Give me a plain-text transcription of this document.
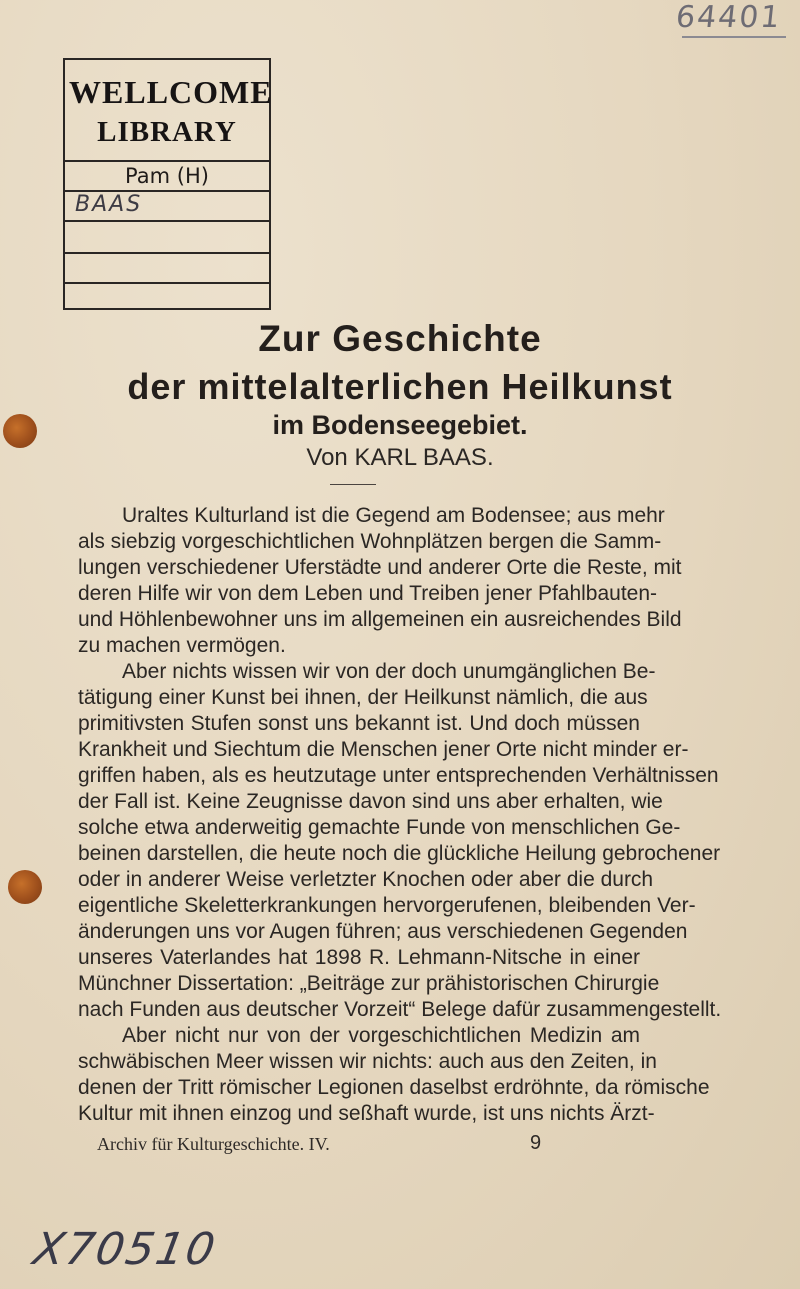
64401
WELLCOME
LIBRARY
Pam (H)
BAAS
Zur Geschichte
der mittelalterlichen Heilkunst
im Bodenseegebiet.
Von KARL BAAS.
Uraltes Kulturland ist die Gegend am Bodensee; aus mehr
als siebzig vorgeschichtlichen Wohnplätzen bergen die Samm-
lungen verschiedener Uferstädte und anderer Orte die Reste, mit
deren Hilfe wir von dem Leben und Treiben jener Pfahlbauten-
und Höhlenbewohner uns im allgemeinen ein ausreichendes Bild
zu machen vermögen.
Aber nichts wissen wir von der doch unumgänglichen Be-
tätigung einer Kunst bei ihnen, der Heilkunst nämlich, die aus
primitivsten Stufen sonst uns bekannt ist. Und doch müssen
Krankheit und Siechtum die Menschen jener Orte nicht minder er-
griffen haben, als es heutzutage unter entsprechenden Verhältnissen
der Fall ist. Keine Zeugnisse davon sind uns aber erhalten, wie
solche etwa anderweitig gemachte Funde von menschlichen Ge-
beinen darstellen, die heute noch die glückliche Heilung gebrochener
oder in anderer Weise verletzter Knochen oder aber die durch
eigentliche Skeletterkrankungen hervorgerufenen, bleibenden Ver-
änderungen uns vor Augen führen; aus verschiedenen Gegenden
unseres Vaterlandes hat 1898 R. Lehmann-Nitsche in einer
Münchner Dissertation: „Beiträge zur prähistorischen Chirurgie
nach Funden aus deutscher Vorzeit“ Belege dafür zusammengestellt.
Aber nicht nur von der vorgeschichtlichen Medizin am
schwäbischen Meer wissen wir nichts: auch aus den Zeiten, in
denen der Tritt römischer Legionen daselbst erdröhnte, da römische
Kultur mit ihnen einzog und seßhaft wurde, ist uns nichts Ärzt-
Archiv für Kulturgeschichte. IV.	9
X70510
